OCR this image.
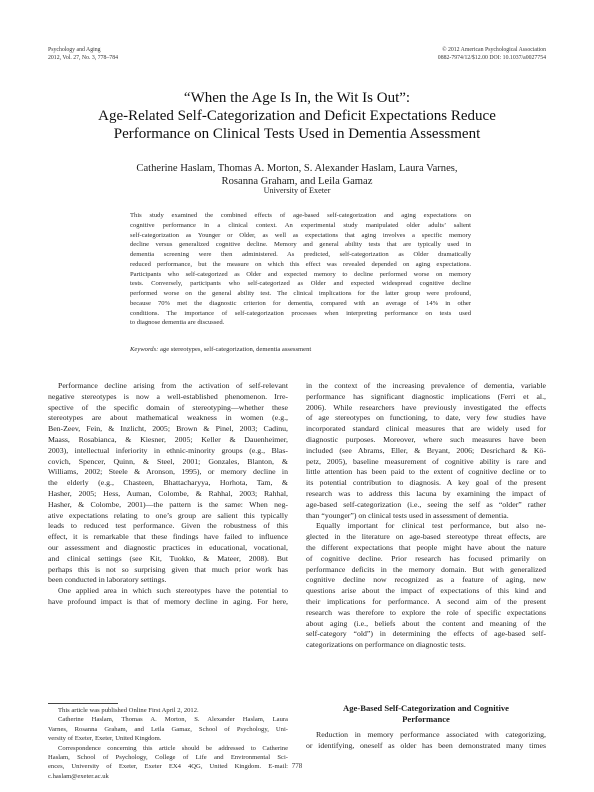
Psychology and Aging
2012, Vol. 27, No. 3, 778–784
© 2012 American Psychological Association
0882-7974/12/$12.00 DOI: 10.1037/a0027754
“When the Age Is In, the Wit Is Out”:
Age-Related Self-Categorization and Deficit Expectations Reduce
Performance on Clinical Tests Used in Dementia Assessment
Catherine Haslam, Thomas A. Morton, S. Alexander Haslam, Laura Varnes,
Rosanna Graham, and Leila Gamaz
University of Exeter
This study examined the combined effects of age-based self-categorization and aging expectations on
cognitive performance in a clinical context. An experimental study manipulated older adults’ salient
self-categorization as Younger or Older, as well as expectations that aging involves a specific memory
decline versus generalized cognitive decline. Memory and general ability tests that are typically used in
dementia screening were then administered. As predicted, self-categorization as Older dramatically
reduced performance, but the measure on which this effect was revealed depended on aging expectations.
Participants who self-categorized as Older and expected memory to decline performed worse on memory
tests. Conversely, participants who self-categorized as Older and expected widespread cognitive decline
performed worse on the general ability test. The clinical implications for the latter group were profound,
because 70% met the diagnostic criterion for dementia, compared with an average of 14% in other
conditions. The importance of self-categorization processes when interpreting performance on tests used
to diagnose dementia are discussed.
Keywords: age stereotypes, self-categorization, dementia assessment
Performance decline arising from the activation of self-relevant
negative stereotypes is now a well-established phenomenon. Irre-
spective of the specific domain of stereotyping—whether these
stereotypes are about mathematical weakness in women (e.g.,
Ben-Zeev, Fein, & Inzlicht, 2005; Brown & Pinel, 2003; Cadinu,
Maass, Rosabianca, & Kiesner, 2005; Keller & Dauenheimer,
2003), intellectual inferiority in ethnic-minority groups (e.g., Blas-
covich, Spencer, Quinn, & Steel, 2001; Gonzales, Blanton, &
Williams, 2002; Steele & Aronson, 1995), or memory decline in
the elderly (e.g., Chasteen, Bhattacharyya, Horhota, Tam, &
Hasher, 2005; Hess, Auman, Colombe, & Rahhal, 2003; Rahhal,
Hasher, & Colombe, 2001)—the pattern is the same: When neg-
ative expectations relating to one’s group are salient this typically
leads to reduced test performance. Given the robustness of this
effect, it is remarkable that these findings have failed to influence
our assessment and diagnostic practices in educational, vocational,
and clinical settings (see Kit, Tuokko, & Mateer, 2008). But
perhaps this is not so surprising given that much prior work has
been conducted in laboratory settings.
One applied area in which such stereotypes have the potential to
have profound impact is that of memory decline in aging. For here,
in the context of the increasing prevalence of dementia, variable
performance has significant diagnostic implications (Ferri et al.,
2006). While researchers have previously investigated the effects
of age stereotypes on functioning, to date, very few studies have
incorporated standard clinical measures that are widely used for
diagnostic purposes. Moreover, where such measures have been
included (see Abrams, Eller, & Bryant, 2006; Desrichard & Kö-
petz, 2005), baseline measurement of cognitive ability is rare and
little attention has been paid to the extent of cognitive decline or to
its potential contribution to diagnosis. A key goal of the present
research was to address this lacuna by examining the impact of
age-based self-categorization (i.e., seeing the self as “older” rather
than “younger”) on clinical tests used in assessment of dementia.
Equally important for clinical test performance, but also ne-
glected in the literature on age-based stereotype threat effects, are
the different expectations that people might have about the nature
of cognitive decline. Prior research has focused primarily on
performance deficits in the memory domain. But with generalized
cognitive decline now recognized as a feature of aging, new
questions arise about the impact of expectations of this kind and
their implications for performance. A second aim of the present
research was therefore to explore the role of specific expectations
about aging (i.e., beliefs about the content and meaning of the
self-category “old”) in determining the effects of age-based self-
categorizations on performance on diagnostic tests.
This article was published Online First April 2, 2012.
Catherine Haslam, Thomas A. Morton, S. Alexander Haslam, Laura
Varnes, Rosanna Graham, and Leila Gamaz, School of Psychology, Uni-
versity of Exeter, Exeter, United Kingdom.
Correspondence concerning this article should be addressed to Catherine
Haslam, School of Psychology, College of Life and Environmental Sci-
ences, University of Exeter, Exeter EX4 4QG, United Kingdom. E-mail:
c.haslam@exeter.ac.uk
Age-Based Self-Categorization and Cognitive
Performance
Reduction in memory performance associated with categorizing,
or identifying, oneself as older has been demonstrated many times
778
